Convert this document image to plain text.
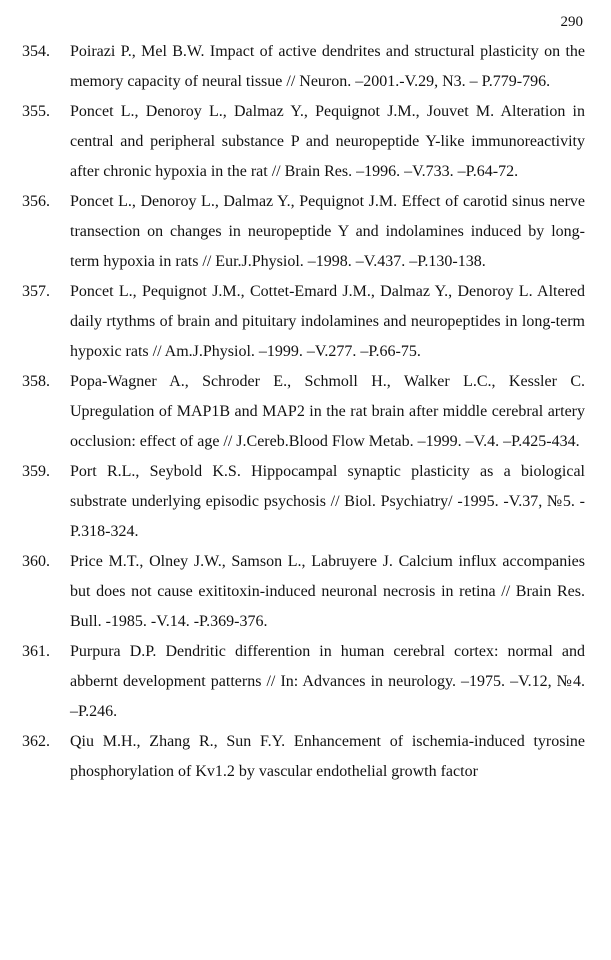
290
354. Poirazi P., Mel B.W. Impact of active dendrites and structural plasticity on the memory capacity of neural tissue // Neuron. –2001.-V.29, N3. – P.779-796.
355. Poncet L., Denoroy L., Dalmaz Y., Pequignot J.M., Jouvet M. Alteration in central and peripheral substance P and neuropeptide Y-like immunoreactivity after chronic hypoxia in the rat // Brain Res. –1996. –V.733. –P.64-72.
356. Poncet L., Denoroy L., Dalmaz Y., Pequignot J.M. Effect of carotid sinus nerve transection on changes in neuropeptide Y and indolamines induced by long-term hypoxia in rats // Eur.J.Physiol. –1998. –V.437. –P.130-138.
357. Poncet L., Pequignot J.M., Cottet-Emard J.M., Dalmaz Y., Denoroy L. Altered daily rtythms of brain and pituitary indolamines and neuropeptides in long-term hypoxic rats // Am.J.Physiol. –1999. –V.277. –P.66-75.
358. Popa-Wagner A., Schroder E., Schmoll H., Walker L.C., Kessler C. Upregulation of MAP1B and MAP2 in the rat brain after middle cerebral artery occlusion: effect of age // J.Cereb.Blood Flow Metab. –1999. –V.4. –P.425-434.
359. Port R.L., Seybold K.S. Hippocampal synaptic plasticity as a biological substrate underlying episodic psychosis // Biol. Psychiatry/ -1995. -V.37, №5. -P.318-324.
360. Price M.T., Olney J.W., Samson L., Labruyere J. Calcium influx accompanies but does not cause exititoxin-induced neuronal necrosis in retina // Brain Res. Bull. -1985. -V.14. -P.369-376.
361. Purpura D.P. Dendritic differention in human cerebral cortex: normal and abbernt development patterns // In: Advances in neurology. –1975. –V.12, №4. –P.246.
362. Qiu M.H., Zhang R., Sun F.Y. Enhancement of ischemia-induced tyrosine phosphorylation of Kv1.2 by vascular endothelial growth factor
